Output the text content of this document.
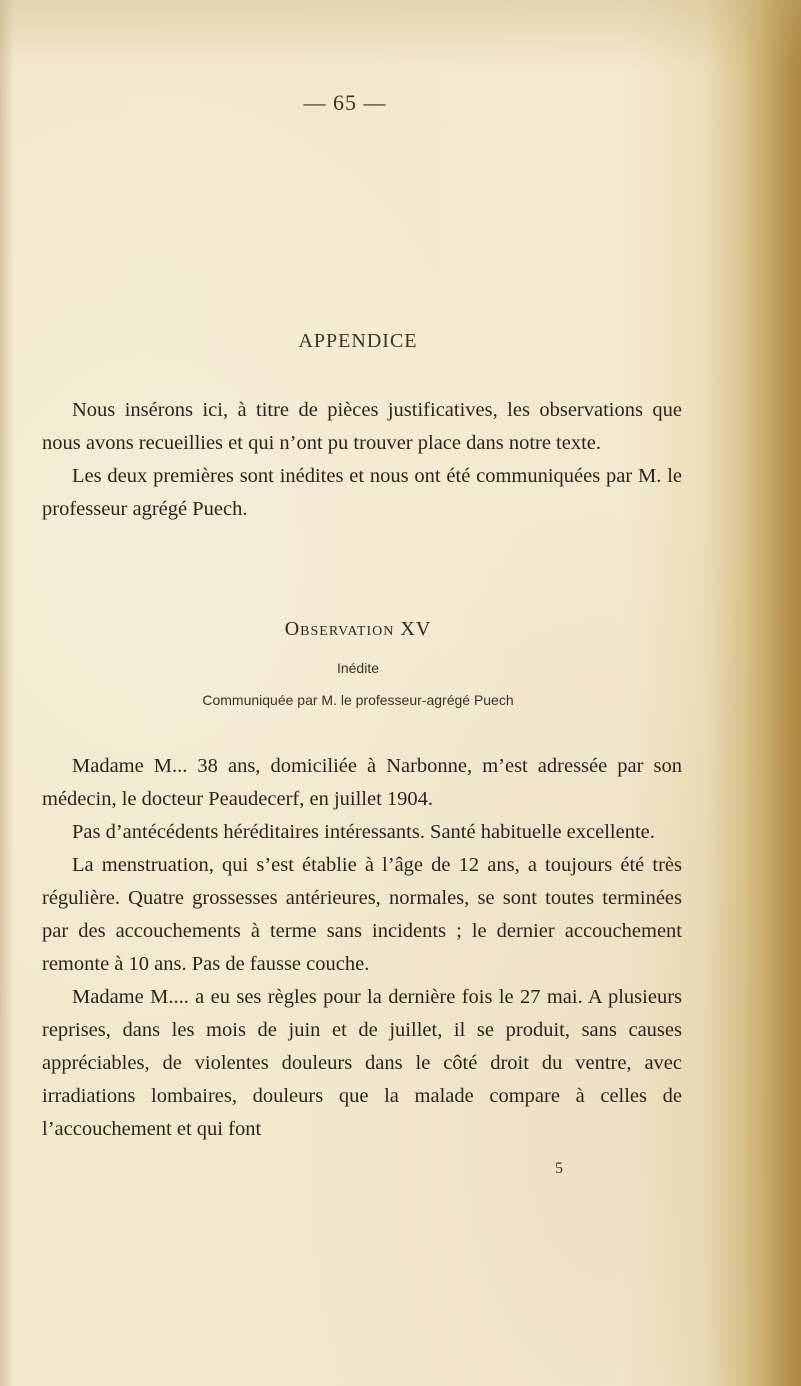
— 65 —
APPENDICE

Nous insérons ici, à titre de pièces justificatives, les observations que nous avons recueillies et qui n’ont pu trouver place dans notre texte.

Les deux premières sont inédites et nous ont été communiquées par M. le professeur agrégé Puech.

Observation XV
Inédite
Communiquée par M. le professeur-agrégé Puech

Madame M... 38 ans, domiciliée à Narbonne, m’est adressée par son médecin, le docteur Peaudecerf, en juillet 1904.

Pas d’antécédents héréditaires intéressants. Santé habituelle excellente.

La menstruation, qui s’est établie à l’âge de 12 ans, a toujours été très régulière. Quatre grossesses antérieures, normales, se sont toutes terminées par des accouchements à terme sans incidents ; le dernier accouchement remonte à 10 ans. Pas de fausse couche.

Madame M.... a eu ses règles pour la dernière fois le 27 mai. A plusieurs reprises, dans les mois de juin et de juillet, il se produit, sans causes appréciables, de violentes douleurs dans le côté droit du ventre, avec irradiations lombaires, douleurs que la malade compare à celles de l’accouchement et qui font

5
